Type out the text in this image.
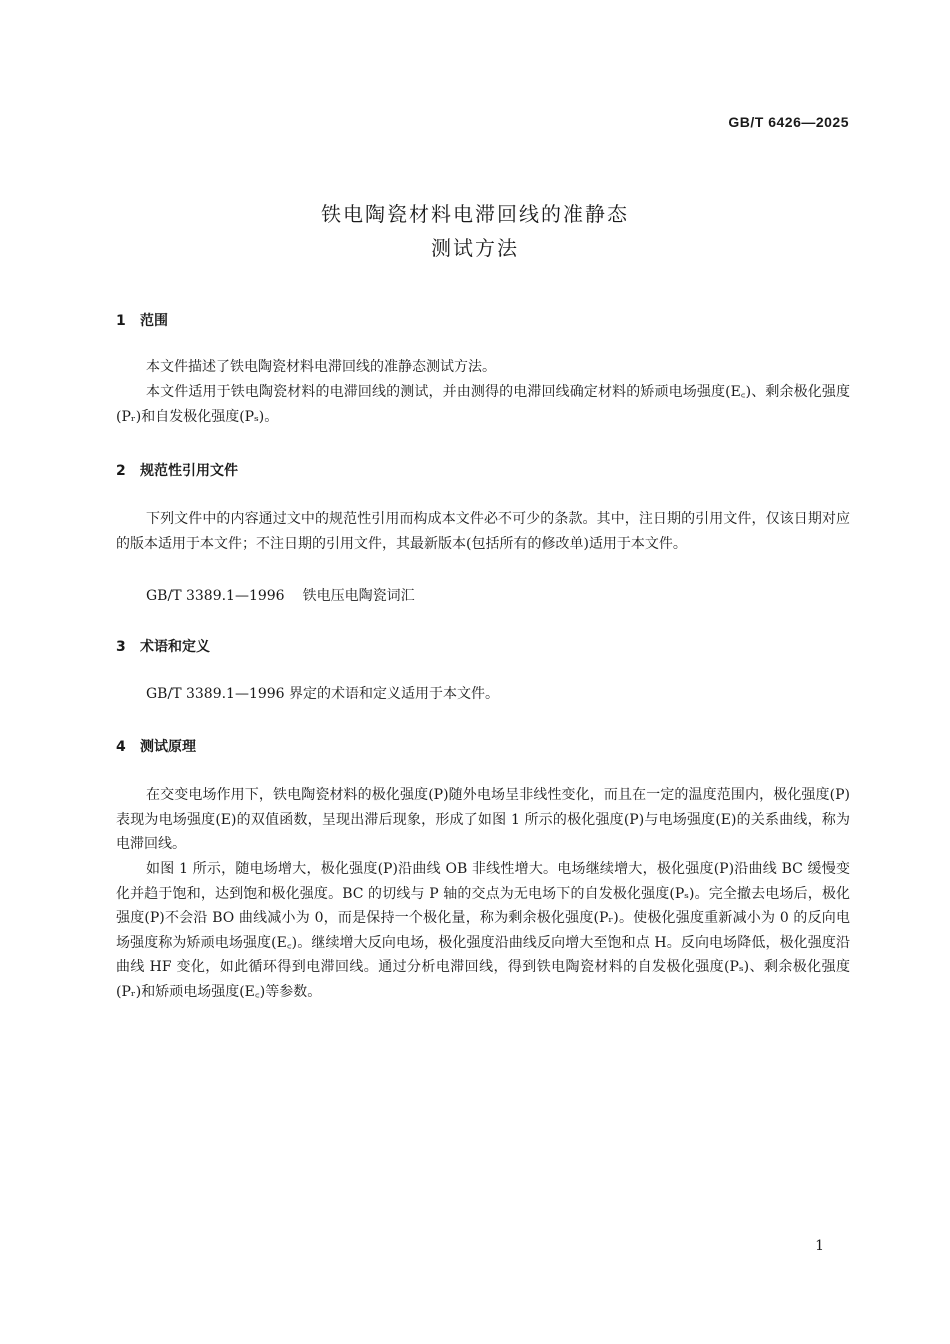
GB/T 6426—2025
铁电陶瓷材料电滞回线的准静态
测试方法
1 范围

本文件描述了铁电陶瓷材料电滞回线的准静态测试方法。

本文件适用于铁电陶瓷材料的电滞回线的测试，并由测得的电滞回线确定材料的矫顽电场强度(E꜀)、剩余极化强度(Pᵣ)和自发极化强度(Pₛ)。

2 规范性引用文件

下列文件中的内容通过文中的规范性引用而构成本文件必不可少的条款。其中，注日期的引用文件，仅该日期对应的版本适用于本文件；不注日期的引用文件，其最新版本(包括所有的修改单)适用于本文件。

GB/T 3389.1—1996 铁电压电陶瓷词汇
3 术语和定义

GB/T 3389.1—1996 界定的术语和定义适用于本文件。

4 测试原理

在交变电场作用下，铁电陶瓷材料的极化强度(P)随外电场呈非线性变化，而且在一定的温度范围内，极化强度(P)表现为电场强度(E)的双值函数，呈现出滞后现象，形成了如图 1 所示的极化强度(P)与电场强度(E)的关系曲线，称为电滞回线。

如图 1 所示，随电场增大，极化强度(P)沿曲线 OB 非线性增大。电场继续增大，极化强度(P)沿曲线 BC 缓慢变化并趋于饱和，达到饱和极化强度。BC 的切线与 P 轴的交点为无电场下的自发极化强度(Pₛ)。完全撤去电场后，极化强度(P)不会沿 BO 曲线减小为 0，而是保持一个极化量，称为剩余极化强度(Pᵣ)。使极化强度重新减小为 0 的反向电场强度称为矫顽电场强度(E꜀)。继续增大反向电场，极化强度沿曲线反向增大至饱和点 H。反向电场降低，极化强度沿曲线 HF 变化，如此循环得到电滞回线。通过分析电滞回线，得到铁电陶瓷材料的自发极化强度(Pₛ)、剩余极化强度(Pᵣ)和矫顽电场强度(E꜀)等参数。

1
